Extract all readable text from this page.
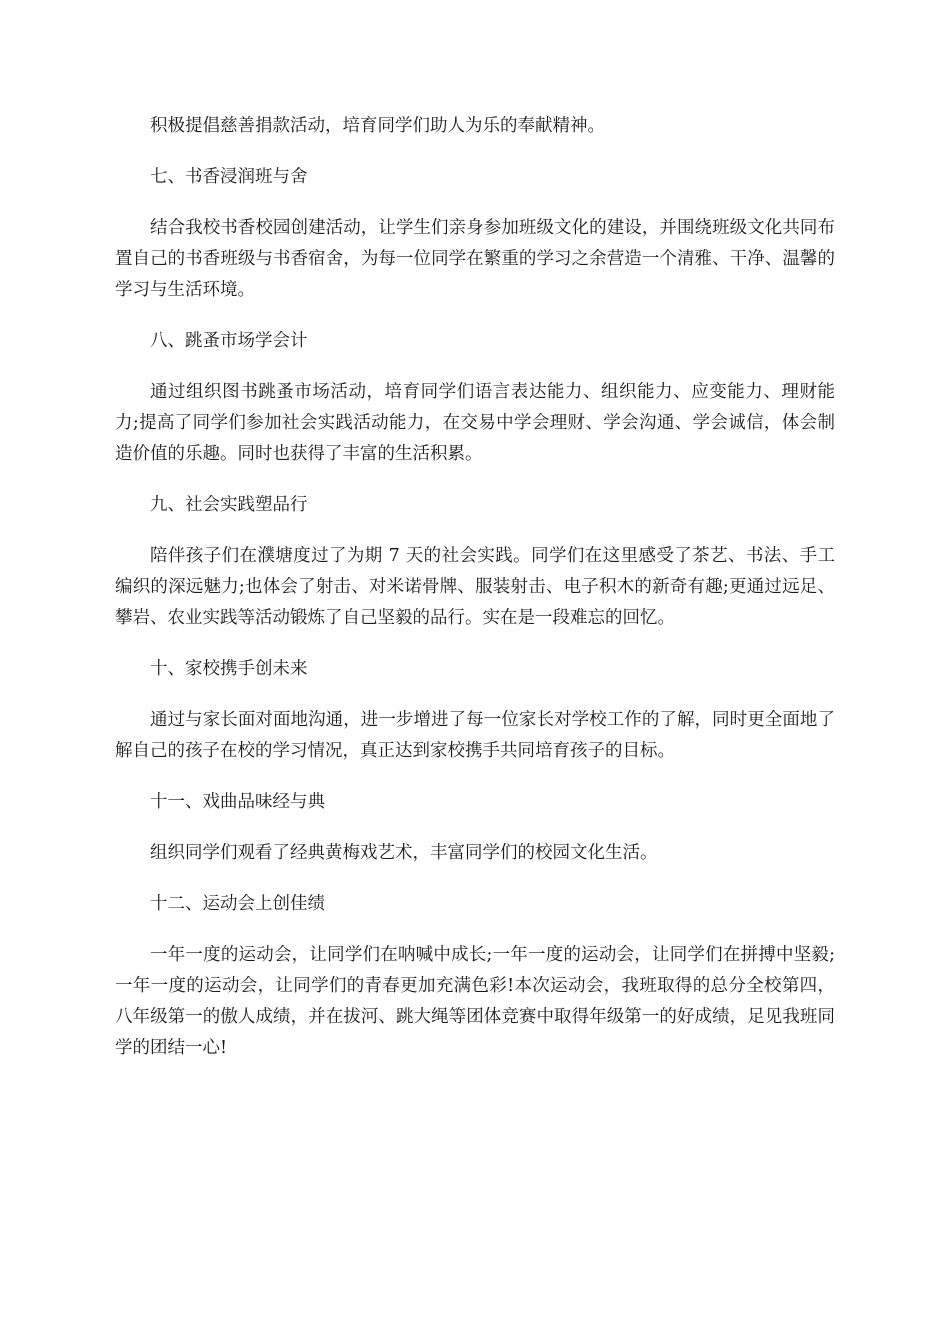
积极提倡慈善捐款活动，培育同学们助人为乐的奉献精神。

七、书香浸润班与舍

结合我校书香校园创建活动，让学生们亲身参加班级文化的建设，并围绕班级文化共同布置自己的书香班级与书香宿舍，为每一位同学在繁重的学习之余营造一个清雅、干净、温馨的学习与生活环境。

八、跳蚤市场学会计

通过组织图书跳蚤市场活动，培育同学们语言表达能力、组织能力、应变能力、理财能力;提高了同学们参加社会实践活动能力，在交易中学会理财、学会沟通、学会诚信，体会制造价值的乐趣。同时也获得了丰富的生活积累。

九、社会实践塑品行

陪伴孩子们在濮塘度过了为期 7 天的社会实践。同学们在这里感受了茶艺、书法、手工编织的深远魅力;也体会了射击、对米诺骨牌、服装射击、电子积木的新奇有趣;更通过远足、攀岩、农业实践等活动锻炼了自己坚毅的品行。实在是一段难忘的回忆。

十、家校携手创未来

通过与家长面对面地沟通，进一步增进了每一位家长对学校工作的了解，同时更全面地了解自己的孩子在校的学习情况，真正达到家校携手共同培育孩子的目标。

十一、戏曲品味经与典

组织同学们观看了经典黄梅戏艺术，丰富同学们的校园文化生活。

十二、运动会上创佳绩

一年一度的运动会，让同学们在呐喊中成长;一年一度的运动会，让同学们在拼搏中坚毅;一年一度的运动会，让同学们的青春更加充满色彩!本次运动会，我班取得的总分全校第四，八年级第一的傲人成绩，并在拔河、跳大绳等团体竞赛中取得年级第一的好成绩，足见我班同学的团结一心!
